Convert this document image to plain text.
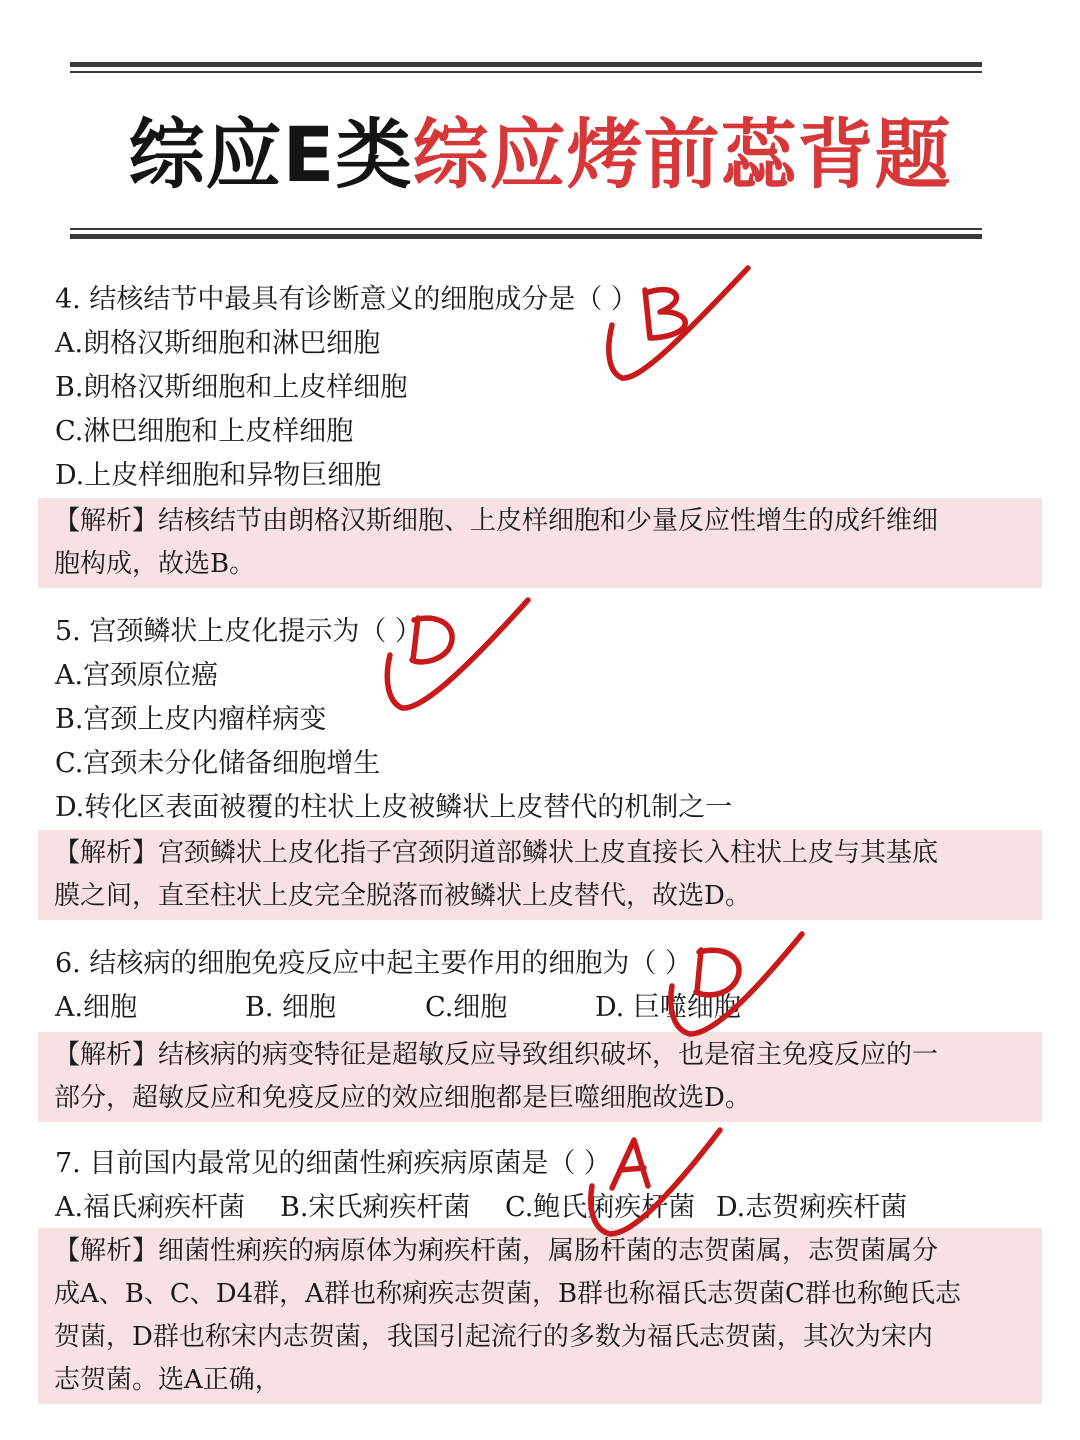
综应E类综应烤前蕊背题
4. 结核结节中最具有诊断意义的细胞成分是（ ）
A.朗格汉斯细胞和淋巴细胞
B.朗格汉斯细胞和上皮样细胞
C.淋巴细胞和上皮样细胞
D.上皮样细胞和异物巨细胞
【解析】结核结节由朗格汉斯细胞、上皮样细胞和少量反应性增生的成纤维细
胞构成，故选B。
5. 宫颈鳞状上皮化提示为（ ）
A.宫颈原位癌
B.宫颈上皮内瘤样病变
C.宫颈未分化储备细胞增生
D.转化区表面被覆的柱状上皮被鳞状上皮替代的机制之一
【解析】宫颈鳞状上皮化指子宫颈阴道部鳞状上皮直接长入柱状上皮与其基底
膜之间，直至柱状上皮完全脱落而被鳞状上皮替代，故选D。
6. 结核病的细胞免疫反应中起主要作用的细胞为（ ）
A.细胞	B. 细胞	C.细胞	D. 巨噬细胞
【解析】结核病的病变特征是超敏反应导致组织破坏，也是宿主免疫反应的一
部分，超敏反应和免疫反应的效应细胞都是巨噬细胞故选D。
7. 目前国内最常见的细菌性痢疾病原菌是（ ）
A.福氏痢疾杆菌 B.宋氏痢疾杆菌 C.鲍氏痢疾杆菌 D.志贺痢疾杆菌
【解析】细菌性痢疾的病原体为痢疾杆菌，属肠杆菌的志贺菌属，志贺菌属分
成A、B、C、D4群，A群也称痢疾志贺菌，B群也称福氏志贺菌C群也称鲍氏志
贺菌，D群也称宋内志贺菌，我国引起流行的多数为福氏志贺菌，其次为宋内
志贺菌。选A正确，
